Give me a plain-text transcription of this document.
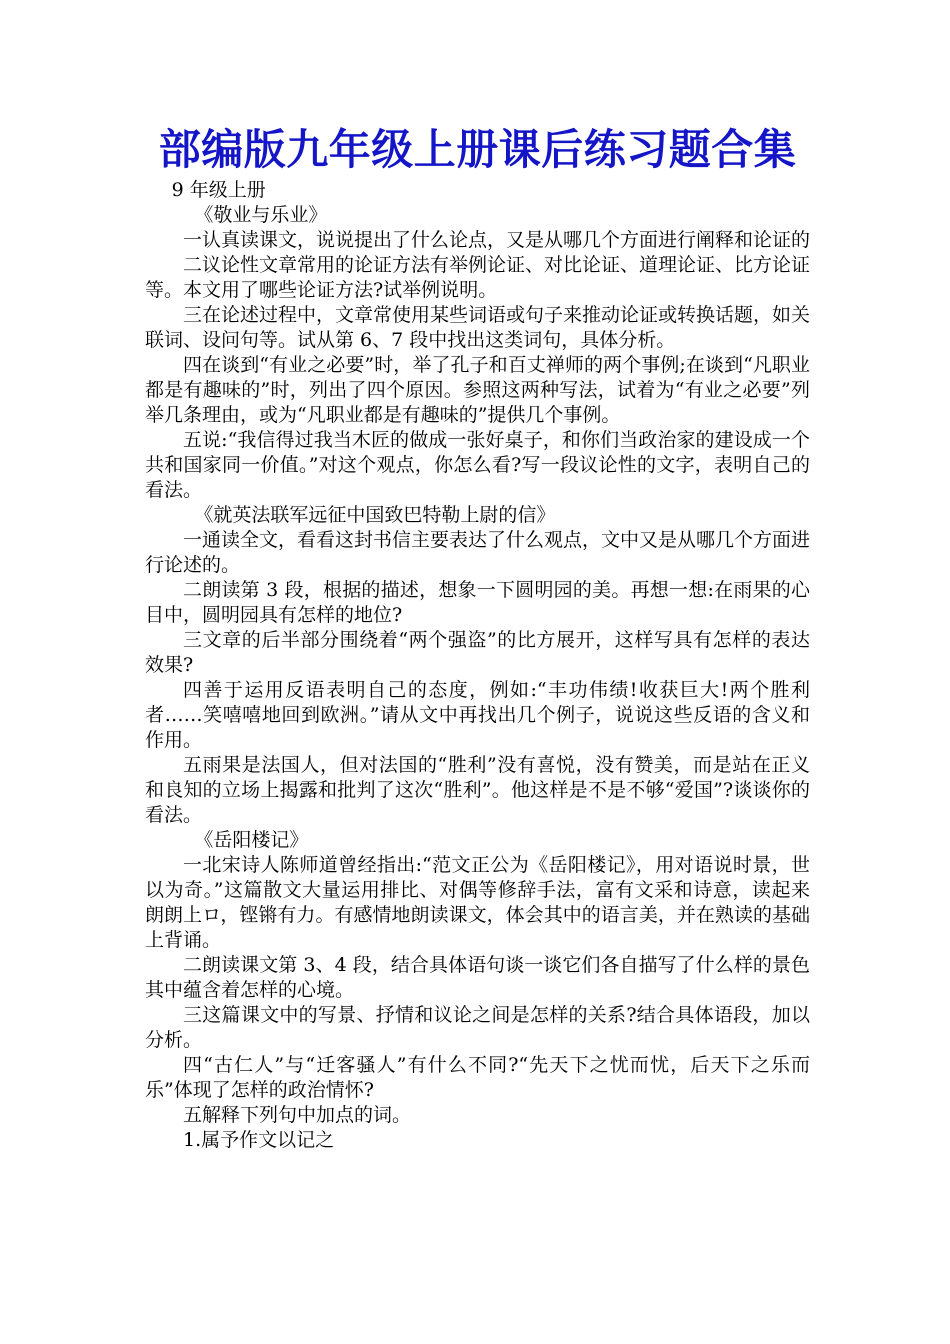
部编版九年级上册课后练习题合集

9 年级上册

《敬业与乐业》

一认真读课文，说说提出了什么论点，又是从哪几个方面进行阐释和论证的

二议论性文章常用的论证方法有举例论证、对比论证、道理论证、比方论证等。本文用了哪些论证方法?试举例说明。

三在论述过程中，文章常使用某些词语或句子来推动论证或转换话题，如关联词、设问句等。试从第 6、7 段中找出这类词句，具体分析。

四在谈到“有业之必要”时，举了孔子和百丈禅师的两个事例;在谈到“凡职业都是有趣味的”时，列出了四个原因。参照这两种写法，试着为“有业之必要”列举几条理由，或为“凡职业都是有趣味的”提供几个事例。

五说:“我信得过我当木匠的做成一张好桌子，和你们当政治家的建设成一个共和国家同一价值。”对这个观点，你怎么看?写一段议论性的文字，表明自己的看法。

《就英法联军远征中国致巴特勒上尉的信》

一通读全文，看看这封书信主要表达了什么观点，文中又是从哪几个方面进行论述的。

二朗读第 3 段，根据的描述，想象一下圆明园的美。再想一想:在雨果的心目中，圆明园具有怎样的地位?

三文章的后半部分围绕着“两个强盗”的比方展开，这样写具有怎样的表达效果?

四善于运用反语表明自己的态度，例如:“丰功伟绩!收获巨大!两个胜利者……笑嘻嘻地回到欧洲。”请从文中再找出几个例子，说说这些反语的含义和作用。

五雨果是法国人，但对法国的“胜利”没有喜悦，没有赞美，而是站在正义和良知的立场上揭露和批判了这次“胜利”。他这样是不是不够“爱国”?谈谈你的看法。

《岳阳楼记》

一北宋诗人陈师道曾经指出:“范文正公为《岳阳楼记》，用对语说时景，世以为奇。”这篇散文大量运用排比、对偶等修辞手法，富有文采和诗意，读起来朗朗上ロ，铿锵有力。有感情地朗读课文，体会其中的语言美，并在熟读的基础上背诵。

二朗读课文第 3、4 段，结合具体语句谈一谈它们各自描写了什么样的景色其中蕴含着怎样的心境。

三这篇课文中的写景、抒情和议论之间是怎样的关系?结合具体语段，加以分析。

四“古仁人”与“迁客骚人”有什么不同?“先天下之忧而忧，后天下之乐而乐”体现了怎样的政治情怀?

五解释下列句中加点的词。

1.属予作文以记之
